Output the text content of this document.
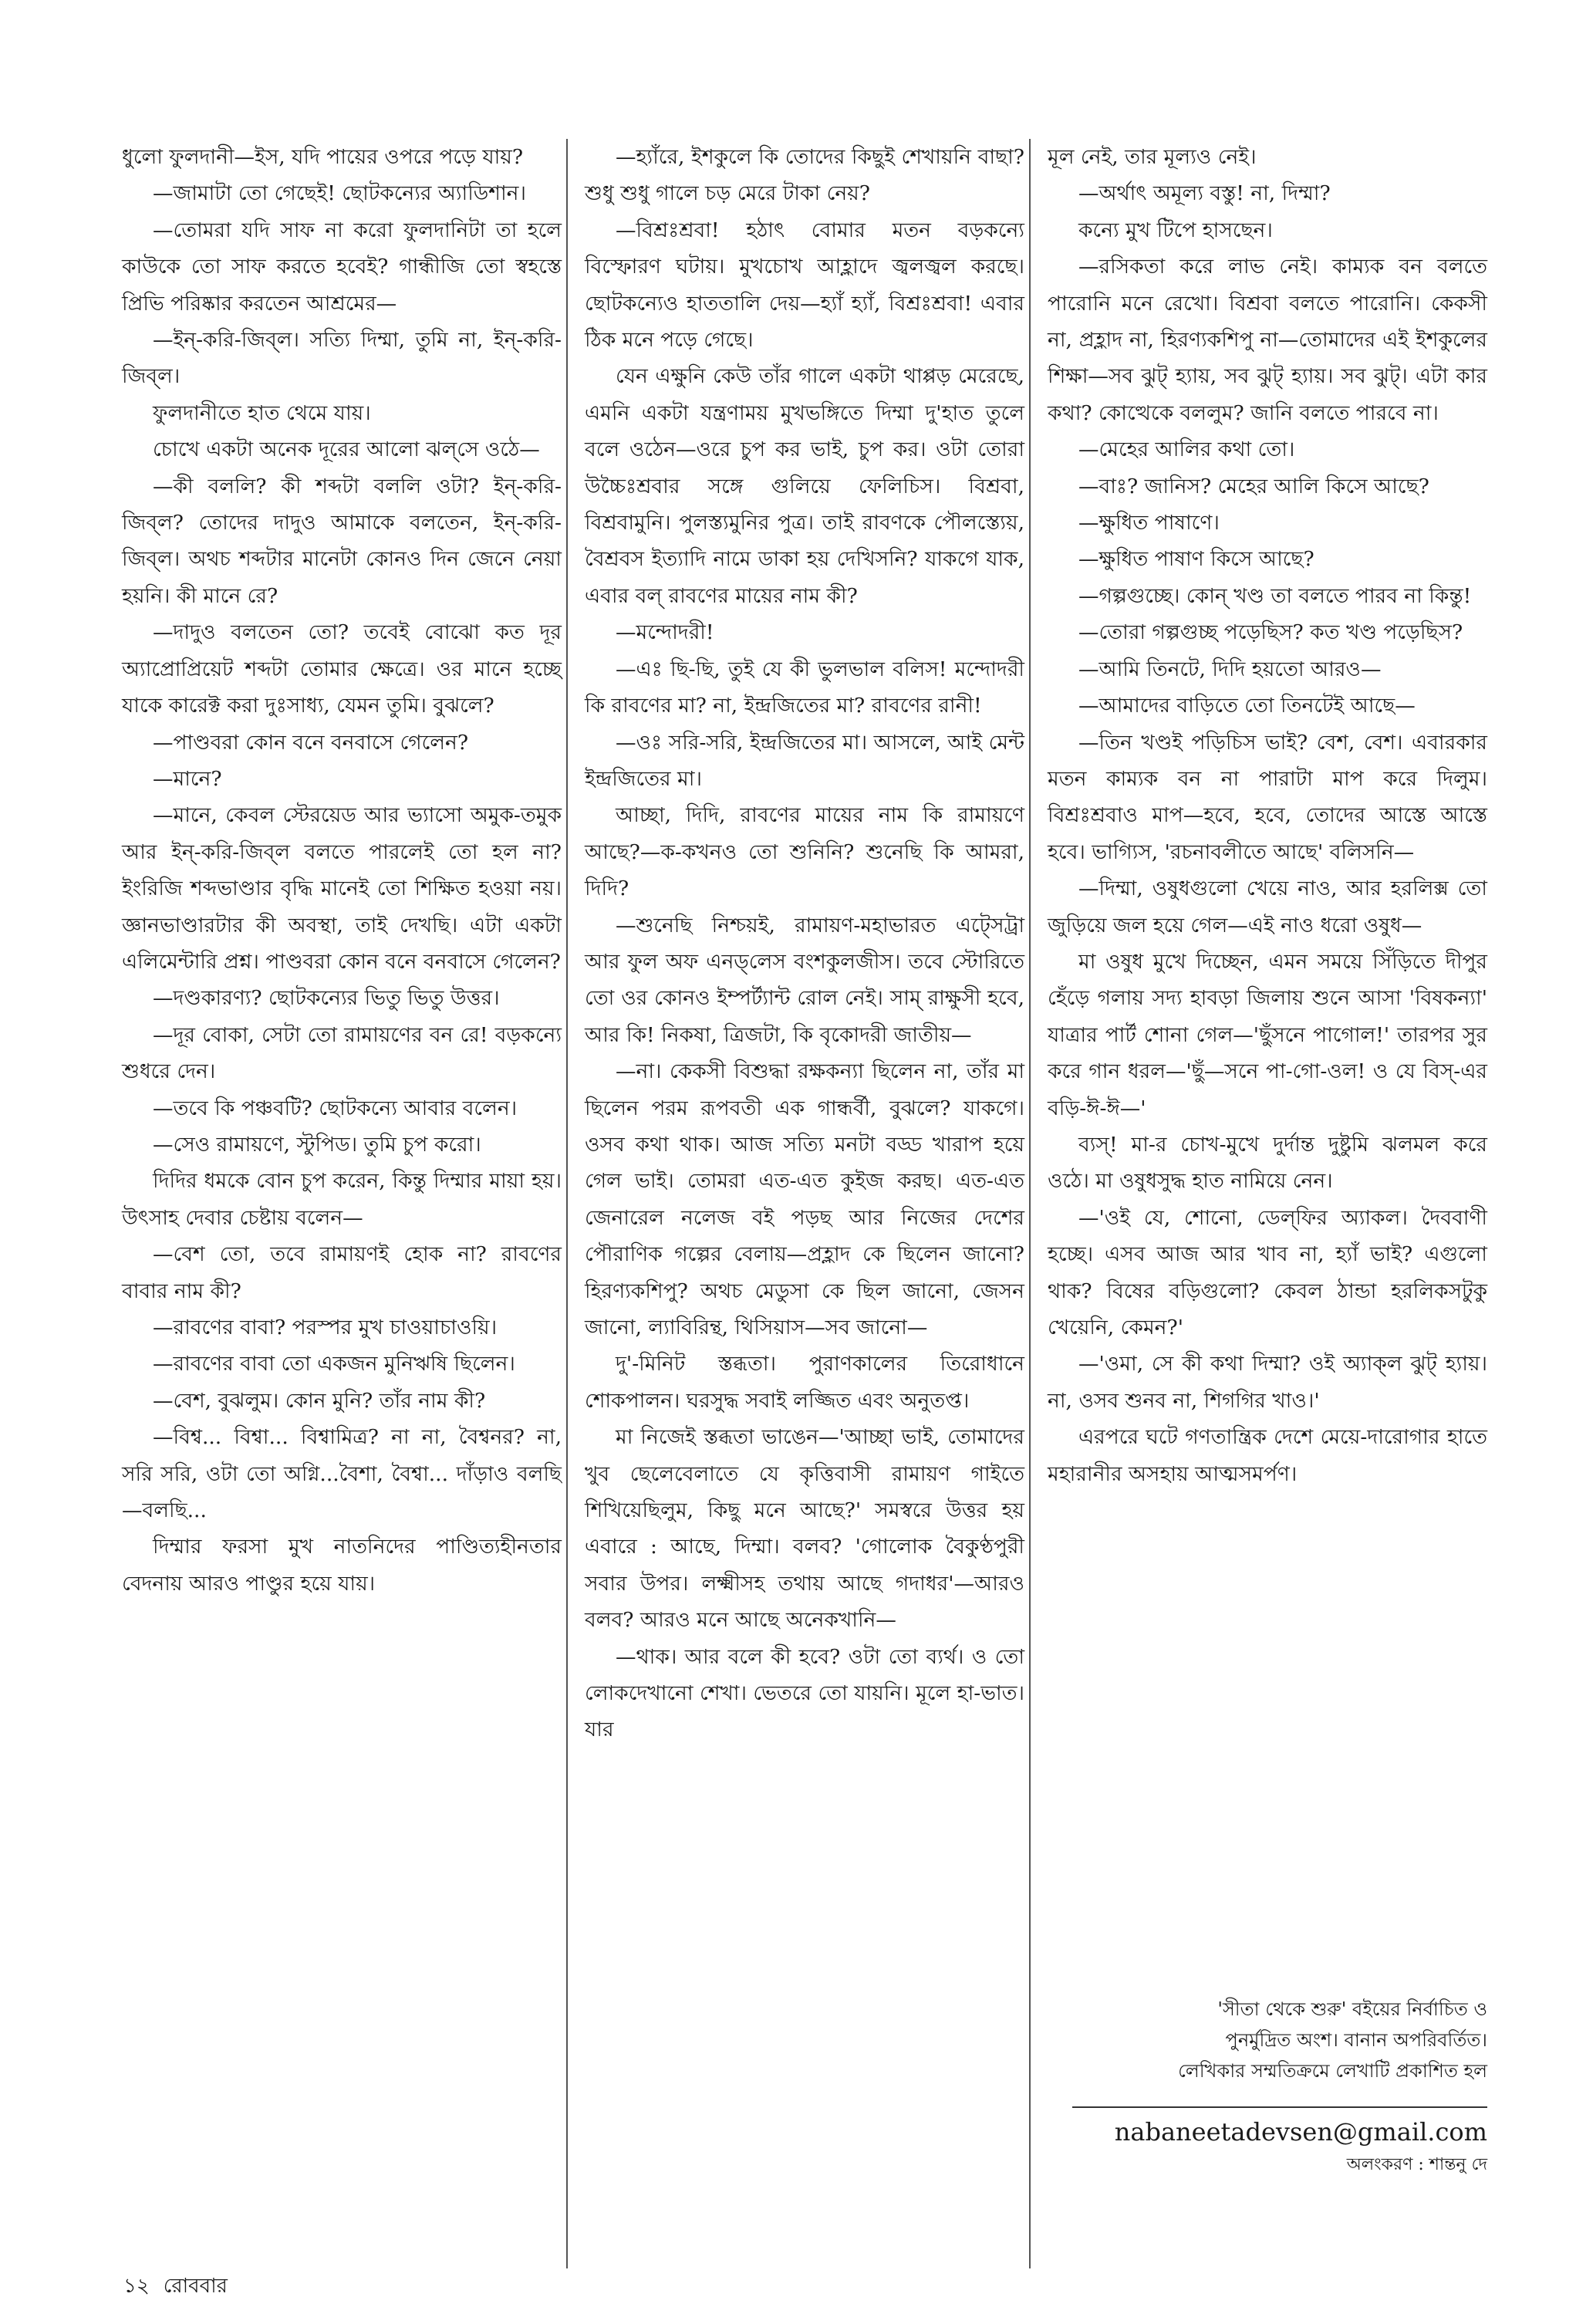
ধুলো ফুলদানী—ইস, যদি পায়ের ওপরে পড়ে যায়?

—জামাটা তো গেছেই! ছোটকন্যের অ্যাডিশান।

—তোমরা যদি সাফ না করো ফুলদানিটা তা হলে কাউকে তো সাফ করতে হবেই? গান্ধীজি তো স্বহস্তে প্রিভি পরিষ্কার করতেন আশ্রমের—

—ইন্-করি-জিব্‌ল। সত্যি দিম্মা, তুমি না, ইন্-করি-জিব্‌ল।

ফুলদানীতে হাত থেমে যায়।

চোখে একটা অনেক দূরের আলো ঝল্‌সে ওঠে—

—কী বললি? কী শব্দটা বললি ওটা? ইন্-করি-জিব্‌ল? তোদের দাদুও আমাকে বলতেন, ইন্-করি-জিব্‌ল। অথচ শব্দটার মানেটা কোনও দিন জেনে নেয়া হয়নি। কী মানে রে?

—দাদুও বলতেন তো? তবেই বোঝো কত দূর অ্যাপ্রোপ্রিয়েট শব্দটা তোমার ক্ষেত্রে। ওর মানে হচ্ছে যাকে কারেক্ট করা দুঃসাধ্য, যেমন তুমি। বুঝলে?

—পাণ্ডবরা কোন বনে বনবাসে গেলেন?

—মানে?

—মানে, কেবল স্টেরয়েড আর ভ্যাসো অমুক-তমুক আর ইন্-করি-জিব্‌ল বলতে পারলেই তো হল না? ইংরিজি শব্দভাণ্ডার বৃদ্ধি মানেই তো শিক্ষিত হওয়া নয়। জ্ঞানভাণ্ডারটার কী অবস্থা, তাই দেখছি। এটা একটা এলিমেন্টারি প্রশ্ন। পাণ্ডবরা কোন বনে বনবাসে গেলেন?

—দণ্ডকারণ্য? ছোটকন্যের ভিতু ভিতু উত্তর।

—দূর বোকা, সেটা তো রামায়ণের বন রে! বড়কন্যে শুধরে দেন।

—তবে কি পঞ্চবটি? ছোটকন্যে আবার বলেন।

—সেও রামায়ণে, স্টুপিড। তুমি চুপ করো।

দিদির ধমকে বোন চুপ করেন, কিন্তু দিম্মার মায়া হয়। উৎসাহ দেবার চেষ্টায় বলেন—

—বেশ তো, তবে রামায়ণই হোক না? রাবণের বাবার নাম কী?

—রাবণের বাবা? পরস্পর মুখ চাওয়াচাওয়ি।

—রাবণের বাবা তো একজন মুনিঋষি ছিলেন।

—বেশ, বুঝলুম। কোন মুনি? তাঁর নাম কী?

—বিশ্ব... বিশ্বা... বিশ্বামিত্র? না না, বৈশ্বনর? না, সরি সরি, ওটা তো অগ্নি...বৈশা, বৈশ্বা... দাঁড়াও বলছি—বলছি...

দিম্মার ফরসা মুখ নাতনিদের পাণ্ডিত্যহীনতার বেদনায় আরও পাণ্ডুর হয়ে যায়।

—হ্যাঁরে, ইশকুলে কি তোদের কিছুই শেখায়নি বাছা? শুধু শুধু গালে চড় মেরে টাকা নেয়?

—বিশ্রঃশ্রবা! হঠাৎ বোমার মতন বড়কন্যে বিস্ফোরণ ঘটায়। মুখচোখ আহ্লাদে জ্বলজ্বল করছে। ছোটকন্যেও হাততালি দেয়—হ্যাঁ হ্যাঁ, বিশ্রঃশ্রবা! এবার ঠিক মনে পড়ে গেছে।

যেন এক্ষুনি কেউ তাঁর গালে একটা থাপ্পড় মেরেছে, এমনি একটা যন্ত্রণাময় মুখভঙ্গিতে দিম্মা দু'হাত তুলে বলে ওঠেন—ওরে চুপ কর ভাই, চুপ কর। ওটা তোরা উচ্চৈঃশ্রবার সঙ্গে গুলিয়ে ফেলিচিস। বিশ্রবা, বিশ্রবামুনি। পুলস্ত্যমুনির পুত্র। তাই রাবণকে পৌলস্ত্যেয়, বৈশ্রবস ইত্যাদি নামে ডাকা হয় দেখিসনি? যাকগে যাক, এবার বল্‌ রাবণের মায়ের নাম কী?

—মন্দোদরী!

—এঃ ছি-ছি, তুই যে কী ভুলভাল বলিস! মন্দোদরী কি রাবণের মা? না, ইন্দ্রজিতের মা? রাবণের রানী!

—ওঃ সরি-সরি, ইন্দ্রজিতের মা। আসলে, আই মেন্ট ইন্দ্রজিতের মা।

আচ্ছা, দিদি, রাবণের মায়ের নাম কি রামায়ণে আছে?—ক-কখনও তো শুনিনি? শুনেছি কি আমরা, দিদি?

—শুনেছি নিশ্চয়ই, রামায়ণ-মহাভারত এট্সেট্রা আর ফুল অফ এনড্‌লেস বংশকুলজীস। তবে স্টোরিতে তো ওর কোনও ইম্পর্ট্যান্ট রোল নেই। সাম্ রাক্ষুসী হবে, আর কি! নিকষা, ত্রিজটা, কি বৃকোদরী জাতীয়—

—না। কেকসী বিশুদ্ধা রক্ষকন্যা ছিলেন না, তাঁর মা ছিলেন পরম রূপবতী এক গান্ধর্বী, বুঝলে? যাকগে। ওসব কথা থাক। আজ সত্যি মনটা বড্ড খারাপ হয়ে গেল ভাই। তোমরা এত-এত কুইজ করছ। এত-এত জেনারেল নলেজ বই পড়ছ আর নিজের দেশের পৌরাণিক গল্পের বেলায়—প্রহ্লাদ কে ছিলেন জানো? হিরণ্যকশিপু? অথচ মেডুসা কে ছিল জানো, জেসন জানো, ল্যাবিরিন্থ, থিসিয়াস—সব জানো—

দু'-মিনিট স্তব্ধতা। পুরাণকালের তিরোধানে শোকপালন। ঘরসুদ্ধ সবাই লজ্জিত এবং অনুতপ্ত।

মা নিজেই স্তব্ধতা ভাঙেন—'আচ্ছা ভাই, তোমাদের খুব ছেলেবেলাতে যে কৃত্তিবাসী রামায়ণ গাইতে শিখিয়েছিলুম, কিছু মনে আছে?' সমস্বরে উত্তর হয় এবারে : আছে, দিম্মা। বলব? 'গোলোক বৈকুণ্ঠপুরী সবার উপর। লক্ষ্মীসহ তথায় আছে গদাধর'—আরও বলব? আরও মনে আছে অনেকখানি—

—থাক। আর বলে কী হবে? ওটা তো ব্যর্থ। ও তো লোকদেখানো শেখা। ভেতরে তো যায়নি। মূলে হা-ভাত। যার

মূল নেই, তার মূল্যও নেই।

—অর্থাৎ অমূল্য বস্তু! না, দিম্মা?

কন্যে মুখ টিপে হাসছেন।

—রসিকতা করে লাভ নেই। কাম্যক বন বলতে পারোনি মনে রেখো। বিশ্রবা বলতে পারোনি। কেকসী না, প্রহ্লাদ না, হিরণ্যকশিপু না—তোমাদের এই ইশকুলের শিক্ষা—সব ঝুট্ হ্যায়, সব ঝুট্ হ্যায়। সব ঝুট্। এটা কার কথা? কোত্থেকে বললুম? জানি বলতে পারবে না।

—মেহের আলির কথা তো।

—বাঃ? জানিস? মেহের আলি কিসে আছে?

—ক্ষুধিত পাষাণে।

—ক্ষুধিত পাষাণ কিসে আছে?

—গল্পগুচ্ছে। কোন্ খণ্ড তা বলতে পারব না কিন্তু!

—তোরা গল্পগুচ্ছ পড়েছিস? কত খণ্ড পড়েছিস?

—আমি তিনটে, দিদি হয়তো আরও—

—আমাদের বাড়িতে তো তিনটেই আছে—

—তিন খণ্ডই পড়িচিস ভাই? বেশ, বেশ। এবারকার মতন কাম্যক বন না পারাটা মাপ করে দিলুম। বিশ্রঃশ্রবাও মাপ—হবে, হবে, তোদের আস্তে আস্তে হবে। ভাগ্যিস, 'রচনাবলীতে আছে' বলিসনি—

—দিম্মা, ওষুধগুলো খেয়ে নাও, আর হরলিক্স তো জুড়িয়ে জল হয়ে গেল—এই নাও ধরো ওষুধ—

মা ওষুধ মুখে দিচ্ছেন, এমন সময়ে সিঁড়িতে দীপুর হেঁড়ে গলায় সদ্য হাবড়া জিলায় শুনে আসা 'বিষকন্যা' যাত্রার পার্ট শোনা গেল—'ছুঁসনে পাগোল!' তারপর সুর করে গান ধরল—'ছুঁ—সনে পা-গো-ওল! ও যে বিস্-এর বড়ি-ঈ-ঈ—'

ব্যস্! মা-র চোখ-মুখে দুর্দান্ত দুষ্টুমি ঝলমল করে ওঠে। মা ওষুধসুদ্ধ হাত নামিয়ে নেন।

—'ওই যে, শোনো, ডেল্‌ফির অ্যাকল। দৈববাণী হচ্ছে। এসব আজ আর খাব না, হ্যাঁ ভাই? এগুলো থাক? বিষের বড়িগুলো? কেবল ঠান্ডা হরলিকসটুকু খেয়েনি, কেমন?'

—'ওমা, সে কী কথা দিম্মা? ওই অ্যাক্‌ল ঝুট্ হ্যায়। না, ওসব শুনব না, শিগগির খাও।'

এরপরে ঘটে গণতান্ত্রিক দেশে মেয়ে-দারোগার হাতে মহারানীর অসহায় আত্মসমর্পণ।

'সীতা থেকে শুরু' বইয়ের নির্বাচিত ও

পুনর্মুদ্রিত অংশ। বানান অপরিবর্তিত।

লেখিকার সম্মতিক্রমে লেখাটি প্রকাশিত হল

nabaneetadevsen@gmail.com
অলংকরণ : শান্তনু দে
১২ রোববার
